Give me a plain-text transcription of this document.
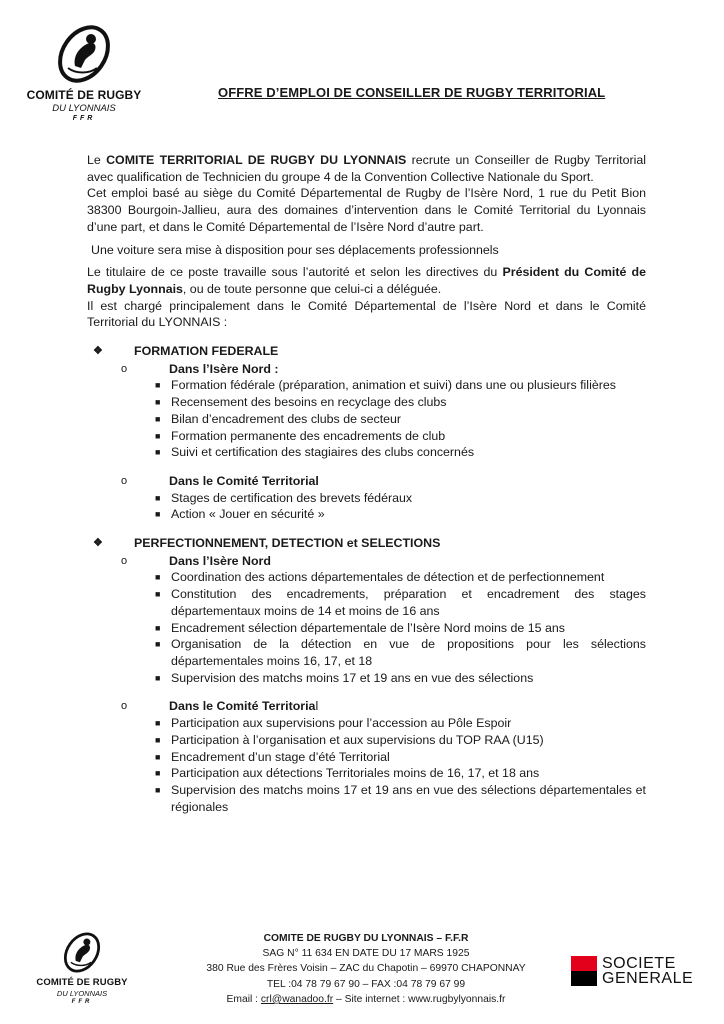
COMITÉ DE RUGBY
DU LYONNAIS
FFR
OFFRE D’EMPLOI DE CONSEILLER DE RUGBY TERRITORIAL

Le COMITE TERRITORIAL DE RUGBY DU LYONNAIS recrute un Conseiller de Rugby Territorial avec qualification de Technicien du groupe 4 de la Convention Collective Nationale du Sport.

Cet emploi basé au siège du Comité Départemental de Rugby de l’Isère Nord, 1 rue du Petit Bion 38300 Bourgoin-Jallieu, aura des domaines d’intervention dans le Comité Territorial du Lyonnais d’une part, et dans le Comité Départemental de l’Isère Nord d’autre part.

Une voiture sera mise à disposition pour ses déplacements professionnels

Le titulaire de ce poste travaille sous l’autorité et selon les directives du Président du Comité de Rugby Lyonnais, ou de toute personne que celui-ci a déléguée.

Il est chargé principalement dans le Comité Départemental de l’Isère Nord et dans le Comité Territorial du LYONNAIS :

❖	FORMATION FEDERALE
o	Dans l’Isère Nord :
■ Formation fédérale (préparation, animation et suivi) dans une ou plusieurs filières
■ Recensement des besoins en recyclage des clubs
■ Bilan d’encadrement des clubs de secteur
■ Formation permanente des encadrements de club
■ Suivi et certification des stagiaires des clubs concernés
o	Dans le Comité Territorial
■ Stages de certification des brevets fédéraux
■ Action « Jouer en sécurité »
❖	PERFECTIONNEMENT, DETECTION et SELECTIONS
o	Dans l’Isère Nord
■ Coordination des actions départementales de détection et de perfectionnement
■ Constitution des encadrements, préparation et encadrement des stages départementaux moins de 14 et moins de 16 ans
■ Encadrement sélection départementale de l’Isère Nord moins de 15 ans
■ Organisation de la détection en vue de propositions pour les sélections départementales moins 16, 17, et 18
■ Supervision des matchs moins 17 et 19 ans en vue des sélections
o	Dans le Comité Territorial
■ Participation aux supervisions pour l’accession au Pôle Espoir
■ Participation à l’organisation et aux supervisions du TOP RAA (U15)
■ Encadrement d’un stage d’été Territorial
■ Participation aux détections Territoriales moins de 16, 17, et 18 ans
■ Supervision des matchs moins 17 et 19 ans en vue des sélections départementales et régionales
COMITÉ DE RUGBY
DU LYONNAIS
FFR
COMITE DE RUGBY DU LYONNAIS – F.F.R
SAG N° 11 634 EN DATE DU 17 MARS 1925
380 Rue des Frères Voisin – ZAC du Chapotin – 69970 CHAPONNAY
TEL :04 78 79 67 90 – FAX :04 78 79 67 99
Email : crl@wanadoo.fr – Site internet : www.rugbylyonnais.fr
SOCIETE
GENERALE
